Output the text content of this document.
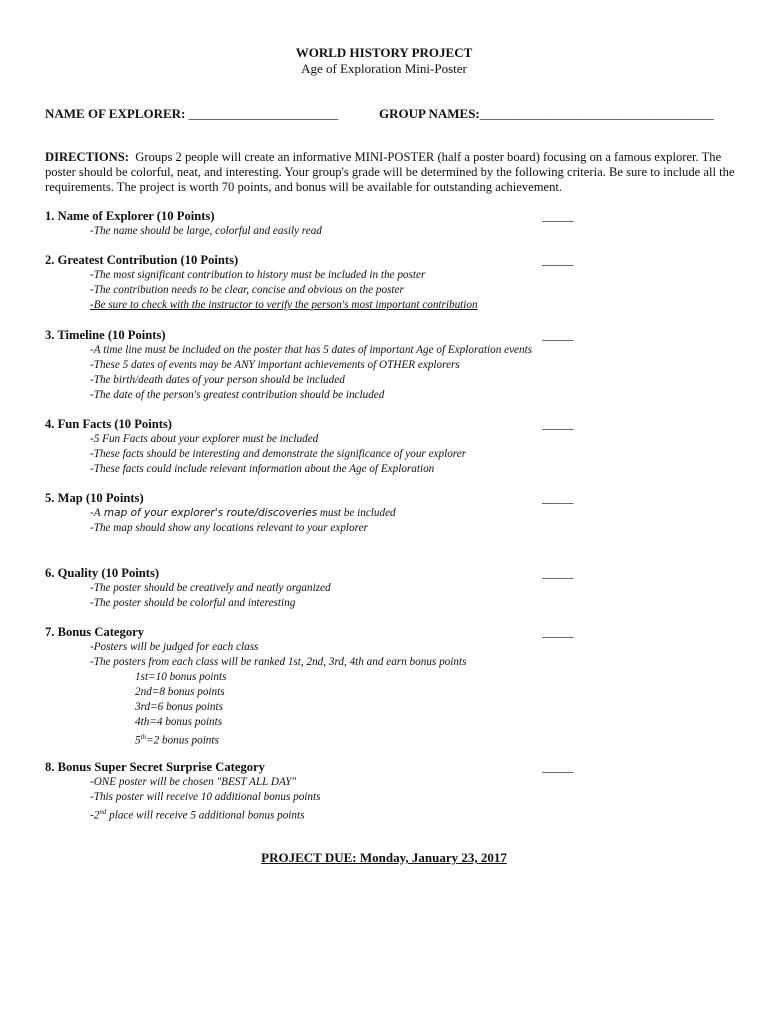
WORLD HISTORY PROJECT
Age of Exploration Mini-Poster
NAME OF EXPLORER: _______________________	GROUP NAMES:____________________________________
DIRECTIONS: Groups 2 people will create an informative MINI-POSTER (half a poster board) focusing on a famous explorer. The poster should be colorful, neat, and interesting. Your group's grade will be determined by the following criteria. Be sure to include all the requirements. The project is worth 70 points, and bonus will be available for outstanding achievement.
1. Name of Explorer (10 Points)	_____
-The name should be large, colorful and easily read
2. Greatest Contribution (10 Points)	_____
-The most significant contribution to history must be included in the poster
-The contribution needs to be clear, concise and obvious on the poster
-Be sure to check with the instructor to verify the person's most important contribution
3. Timeline (10 Points)	_____
-A time line must be included on the poster that has 5 dates of important Age of Exploration events
-These 5 dates of events may be ANY important achievements of OTHER explorers
-The birth/death dates of your person should be included
-The date of the person's greatest contribution should be included
4. Fun Facts (10 Points)	_____
-5 Fun Facts about your explorer must be included
-These facts should be interesting and demonstrate the significance of your explorer
-These facts could include relevant information about the Age of Exploration
5. Map (10 Points)	_____
-A map of your explorer's route/discoveries must be included
-The map should show any locations relevant to your explorer
6. Quality (10 Points)	_____
-The poster should be creatively and neatly organized
-The poster should be colorful and interesting
7. Bonus Category	_____
-Posters will be judged for each class
-The posters from each class will be ranked 1st, 2nd, 3rd, 4th and earn bonus points
1st=10 bonus points
2nd=8 bonus points
3rd=6 bonus points
4th=4 bonus points
5th=2 bonus points
8. Bonus Super Secret Surprise Category	_____
-ONE poster will be chosen "BEST ALL DAY"
-This poster will receive 10 additional bonus points
-2nd place will receive 5 additional bonus points
PROJECT DUE: Monday, January 23, 2017
